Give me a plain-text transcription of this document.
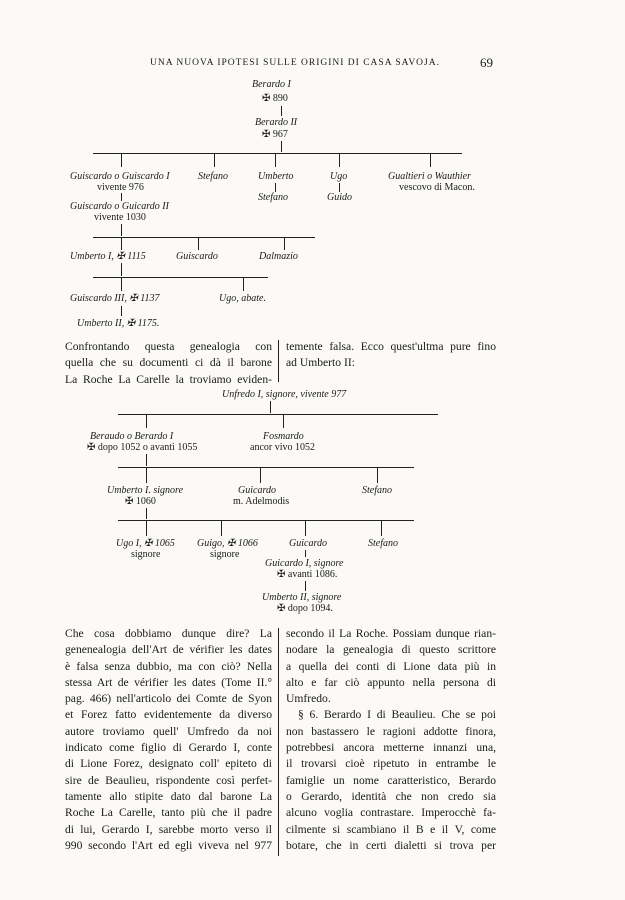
UNA NUOVA IPOTESI SULLE ORIGINI DI CASA SAVOJA.	69
Berardo I
✠ 890
Berardo II
✠ 967
Guiscardo o Guiscardo I
vivente 976
Stefano	Umberto	Ugo	Gualtieri o Wauthier
vescovo di Macon.
Stefano	Guido
Guiscardo o Guicardo II
vivente 1030
Umberto I, ✠ 1115	Guiscardo	Dalmazio
Guiscardo III, ✠ 1137	Ugo, abate.
Umberto II, ✠ 1175.
Confrontando questa genealogia con
quella che su documenti ci dà il barone
La Roche La Carelle la troviamo eviden-
temente falsa. Ecco quest'ultma pure fino
ad Umberto II:
Unfredo I, signore, vivente 977
Beraudo o Berardo I
✠ dopo 1052 o avanti 1055
Fosmardo
ancor vivo 1052
Umberto I. signore
✠ 1060
Guicardo
m. Adelmodis
Stefano
Ugo I, ✠ 1065
signore
Guigo, ✠ 1066
signore
Guicardo	Stefano
Guicardo I, signore
✠ avanti 1086.
Umberto II, signore
✠ dopo 1094.
Che cosa dobbiamo dunque dire? La
genenealogia dell'Art de vérifier les dates
è falsa senza dubbio, ma con ciò? Nella
stessa Art de vérifier les dates (Tome II.°
pag. 466) nell'articolo dei Comte de Syon
et Forez fatto evidentemente da diverso
autore troviamo quell' Umfredo da noi
indicato come figlio di Gerardo I, conte
di Lione Forez, designato coll' epiteto di
sire de Beaulieu, rispondente così perfet-
tamente allo stipite dato dal barone La
Roche La Carelle, tanto più che il padre
di lui, Gerardo I, sarebbe morto verso il
990 secondo l'Art ed egli viveva nel 977
secondo il La Roche. Possiam dunque rian-
nodare la genealogia di questo scrittore
a quella dei conti di Lione data più in
alto e far ciò appunto nella persona di
Umfredo.
§ 6. Berardo I di Beaulieu. Che se poi
non bastassero le ragioni addotte finora,
potrebbesi ancora metterne innanzi una,
il trovarsi cioè ripetuto in entrambe le
famiglie un nome caratteristico, Berardo
o Gerardo, identità che non credo sia
alcuno voglia contrastare. Imperocchè fa-
cilmente si scambiano il B e il V, come
botare, che in certi dialetti si trova per
